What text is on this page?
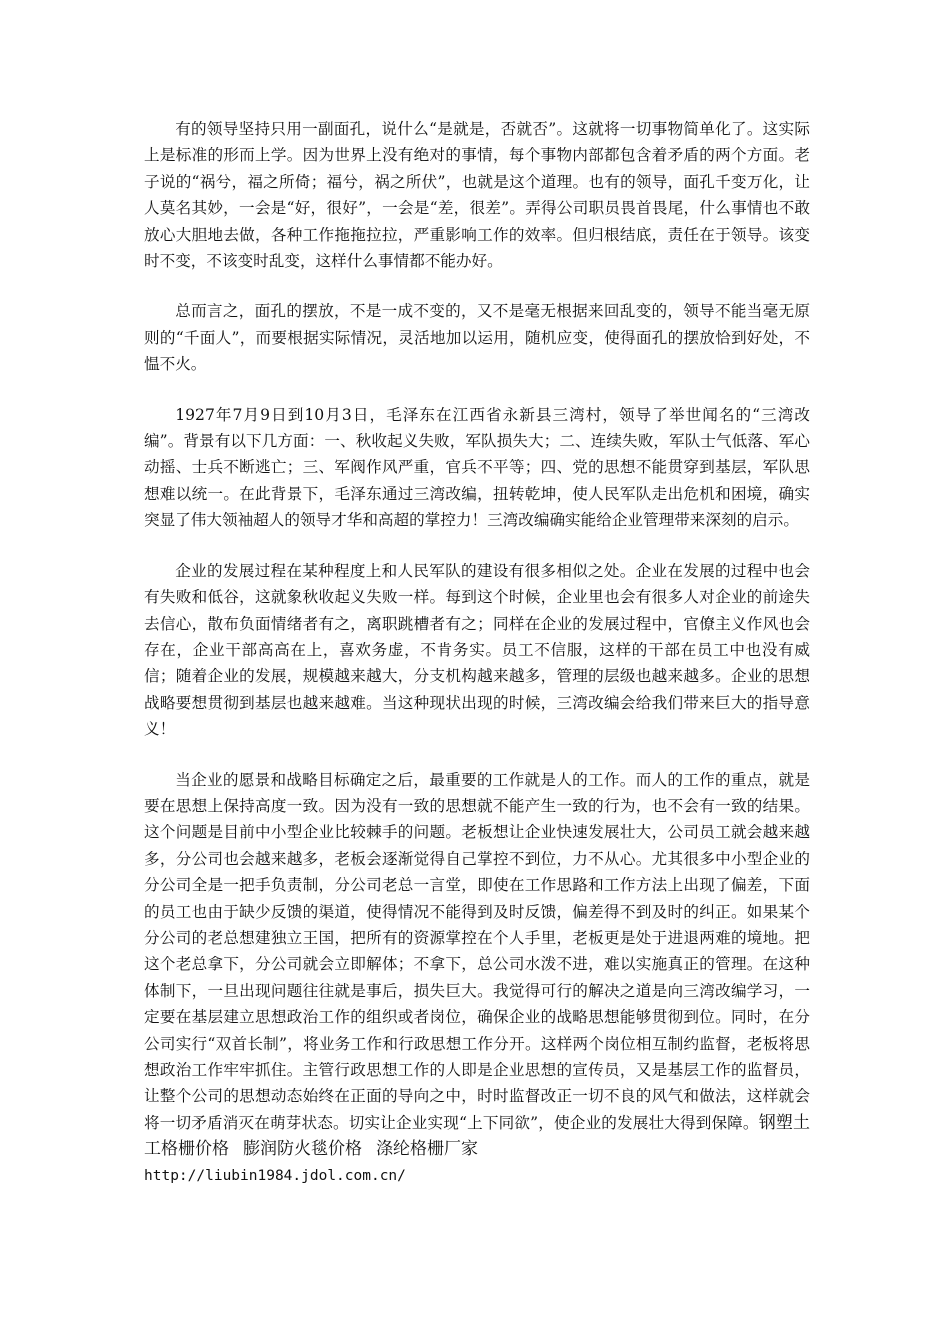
有的领导坚持只用一副面孔，说什么“是就是，否就否”。这就将一切事物简单化了。这实际上是标准的形而上学。因为世界上没有绝对的事情，每个事物内部都包含着矛盾的两个方面。老子说的“祸兮，福之所倚；福兮，祸之所伏”，也就是这个道理。也有的领导，面孔千变万化，让人莫名其妙，一会是“好，很好”，一会是“差，很差”。弄得公司职员畏首畏尾，什么事情也不敢放心大胆地去做，各种工作拖拖拉拉，严重影响工作的效率。但归根结底，责任在于领导。该变时不变，不该变时乱变，这样什么事情都不能办好。

总而言之，面孔的摆放，不是一成不变的，又不是毫无根据来回乱变的，领导不能当毫无原则的“千面人”，而要根据实际情况，灵活地加以运用，随机应变，使得面孔的摆放恰到好处，不愠不火。

1927年7月9日到10月3日，毛泽东在江西省永新县三湾村，领导了举世闻名的“三湾改编”。背景有以下几方面：一、秋收起义失败，军队损失大；二、连续失败，军队士气低落、军心动摇、士兵不断逃亡；三、军阀作风严重，官兵不平等；四、党的思想不能贯穿到基层，军队思想难以统一。在此背景下，毛泽东通过三湾改编，扭转乾坤，使人民军队走出危机和困境，确实突显了伟大领袖超人的领导才华和高超的掌控力！三湾改编确实能给企业管理带来深刻的启示。

企业的发展过程在某种程度上和人民军队的建设有很多相似之处。企业在发展的过程中也会有失败和低谷，这就象秋收起义失败一样。每到这个时候，企业里也会有很多人对企业的前途失去信心，散布负面情绪者有之，离职跳槽者有之；同样在企业的发展过程中，官僚主义作风也会存在，企业干部高高在上，喜欢务虚，不肯务实。员工不信服，这样的干部在员工中也没有威信；随着企业的发展，规模越来越大，分支机构越来越多，管理的层级也越来越多。企业的思想战略要想贯彻到基层也越来越难。当这种现状出现的时候，三湾改编会给我们带来巨大的指导意义！

当企业的愿景和战略目标确定之后，最重要的工作就是人的工作。而人的工作的重点，就是要在思想上保持高度一致。因为没有一致的思想就不能产生一致的行为，也不会有一致的结果。这个问题是目前中小型企业比较棘手的问题。老板想让企业快速发展壮大，公司员工就会越来越多，分公司也会越来越多，老板会逐渐觉得自己掌控不到位，力不从心。尤其很多中小型企业的分公司全是一把手负责制，分公司老总一言堂，即使在工作思路和工作方法上出现了偏差，下面的员工也由于缺少反馈的渠道，使得情况不能得到及时反馈，偏差得不到及时的纠正。如果某个分公司的老总想建独立王国，把所有的资源掌控在个人手里，老板更是处于进退两难的境地。把这个老总拿下，分公司就会立即解体；不拿下，总公司水泼不进，难以实施真正的管理。在这种体制下，一旦出现问题往往就是事后，损失巨大。我觉得可行的解决之道是向三湾改编学习，一定要在基层建立思想政治工作的组织或者岗位，确保企业的战略思想能够贯彻到位。同时，在分公司实行“双首长制”，将业务工作和行政思想工作分开。这样两个岗位相互制约监督，老板将思想政治工作牢牢抓住。主管行政思想工作的人即是企业思想的宣传员，又是基层工作的监督员，让整个公司的思想动态始终在正面的导向之中，时时监督改正一切不良的风气和做法，这样就会将一切矛盾消灭在萌芽状态。切实让企业实现“上下同欲”，使企业的发展壮大得到保障。钢塑土工格栅价格 膨润防火毯价格 涤纶格栅厂家

http://liubin1984.jdol.com.cn/
